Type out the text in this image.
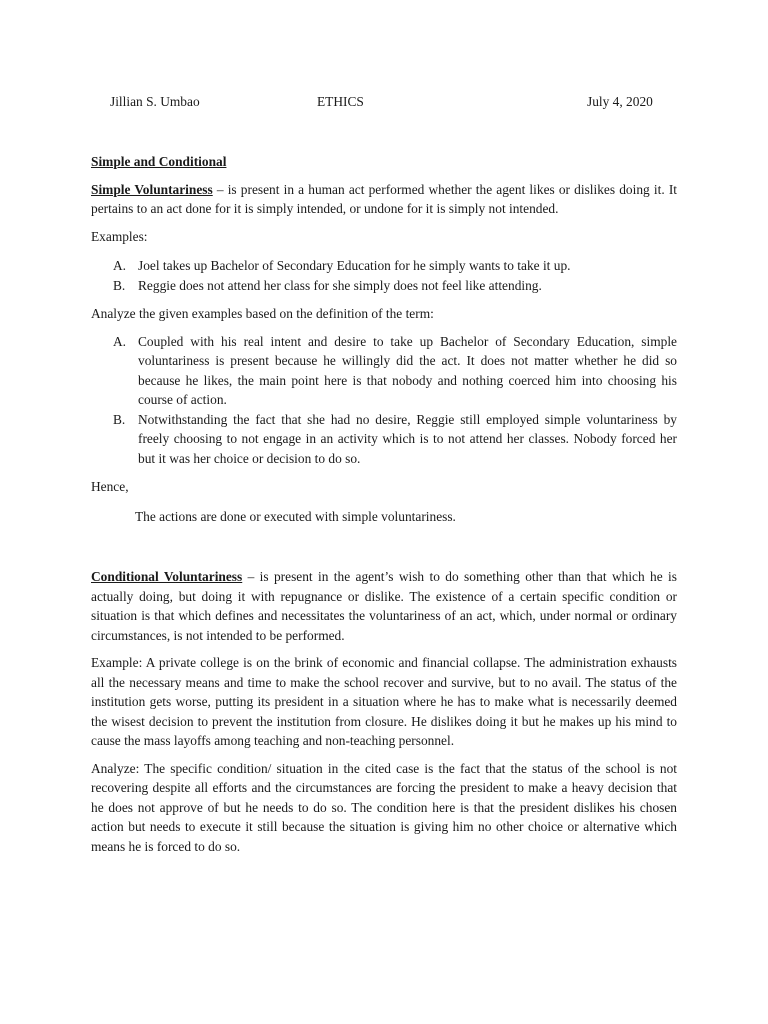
Jillian S. Umbao	ETHICS	July 4, 2020

Simple and Conditional

Simple Voluntariness – is present in a human act performed whether the agent likes or dislikes doing it. It pertains to an act done for it is simply intended, or undone for it is simply not intended.

Examples:

A. Joel takes up Bachelor of Secondary Education for he simply wants to take it up.
B. Reggie does not attend her class for she simply does not feel like attending.

Analyze the given examples based on the definition of the term:

A. Coupled with his real intent and desire to take up Bachelor of Secondary Education, simple voluntariness is present because he willingly did the act. It does not matter whether he did so because he likes, the main point here is that nobody and nothing coerced him into choosing his course of action.
B. Notwithstanding the fact that she had no desire, Reggie still employed simple voluntariness by freely choosing to not engage in an activity which is to not attend her classes. Nobody forced her but it was her choice or decision to do so.

Hence,

The actions are done or executed with simple voluntariness.

Conditional Voluntariness – is present in the agent’s wish to do something other than that which he is actually doing, but doing it with repugnance or dislike. The existence of a certain specific condition or situation is that which defines and necessitates the voluntariness of an act, which, under normal or ordinary circumstances, is not intended to be performed.

Example: A private college is on the brink of economic and financial collapse. The administration exhausts all the necessary means and time to make the school recover and survive, but to no avail. The status of the institution gets worse, putting its president in a situation where he has to make what is necessarily deemed the wisest decision to prevent the institution from closure. He dislikes doing it but he makes up his mind to cause the mass layoffs among teaching and non-teaching personnel.

Analyze: The specific condition/ situation in the cited case is the fact that the status of the school is not recovering despite all efforts and the circumstances are forcing the president to make a heavy decision that he does not approve of but he needs to do so. The condition here is that the president dislikes his chosen action but needs to execute it still because the situation is giving him no other choice or alternative which means he is forced to do so.
